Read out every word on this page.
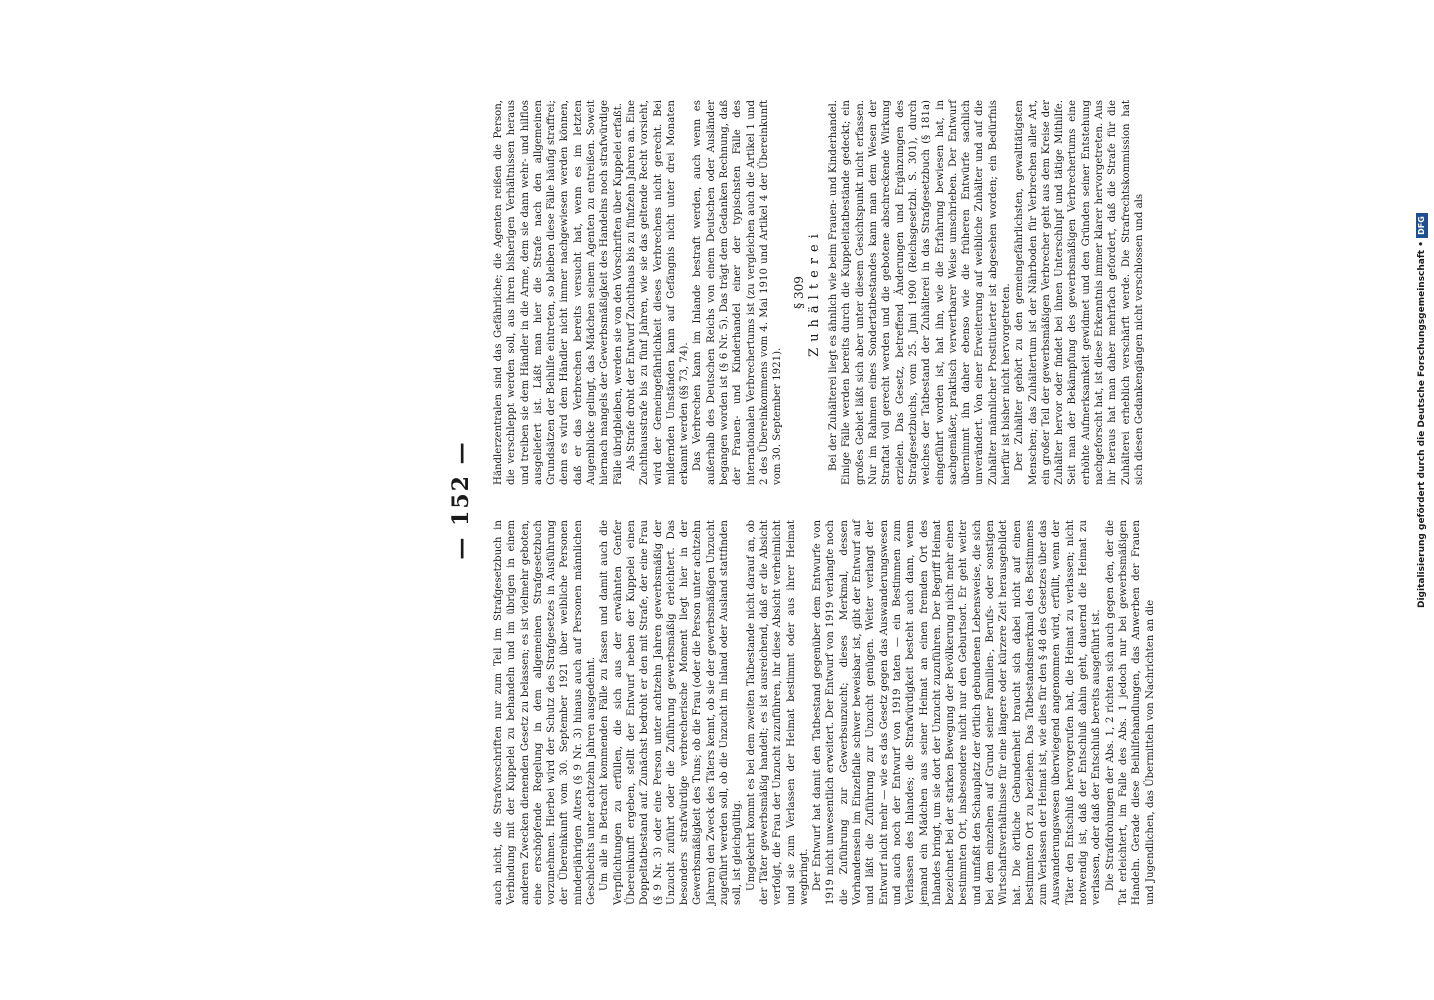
— 152 —

auch nicht, die Strafvorschriften nur zum Teil im Strafgesetzbuch in Verbindung mit der Kuppelei zu behandeln und im übrigen in einem anderen Zwecken dienenden Gesetz zu belassen; es ist vielmehr geboten, eine erschöpfende Regelung in dem allgemeinen Strafgesetzbuch vorzunehmen. Hierbei wird der Schutz des Strafgesetzes in Ausführung der Übereinkunft vom 30. September 1921 über weibliche Personen minderjährigen Alters (§ 9 Nr. 3) hinaus auch auf Personen männlichen Geschlechts unter achtzehn Jahren ausgedehnt. Um alle in Betracht kommenden Fälle zu fassen und damit auch die Verpflichtungen zu erfüllen, die sich aus der erwähnten Genfer Übereinkunft ergeben, stellt der Entwurf neben der Kuppelei einen Doppeltatbestand auf. Zunächst bedroht er den mit Strafe, der eine Frau (§ 9 Nr. 3) oder eine Person unter achtzehn Jahren gewerbsmäßig der Unzucht zuführt oder die Zuführung gewerbsmäßig erleichtert. Das besonders strafwürdige verbrecherische Moment liegt hier in der Gewerbsmäßigkeit des Tuns; ob die Frau (oder die Person unter achtzehn Jahren) den Zweck des Täters kennt, ob sie der gewerbsmäßigen Unzucht zugeführt werden soll, ob die Unzucht im Inland oder Ausland stattfinden soll, ist gleichgültig. Umgekehrt kommt es bei dem zweiten Tatbestande nicht darauf an, ob der Täter gewerbsmäßig handelt; es ist ausreichend, daß er die Absicht verfolgt, die Frau der Unzucht zuzuführen, ihr diese Absicht verheimlicht und sie zum Verlassen der Heimat bestimmt oder aus ihrer Heimat wegbringt. Der Entwurf hat damit den Tatbestand gegenüber dem Entwurfe von 1919 nicht unwesentlich erweitert. Der Entwurf von 1919 verlangte noch die Zuführung zur Gewerbsunzucht; dieses Merkmal, dessen Vorhandensein im Einzelfalle schwer beweisbar ist, gibt der Entwurf auf und läßt die Zuführung zur Unzucht genügen. Weiter verlangt der Entwurf nicht mehr — wie es das Gesetz gegen das Auswanderungswesen und auch noch der Entwurf von 1919 taten — ein Bestimmen zum Verlassen des Inlandes; die Strafwürdigkeit besteht auch dann, wenn jemand ein Mädchen aus seiner Heimat an einen fremden Ort des Inlandes bringt, um sie dort der Unzucht zuzuführen. Der Begriff Heimat bezeichnet bei der starken Bewegung der Bevölkerung nicht mehr einen bestimmten Ort, insbesondere nicht nur den Geburtsort. Er geht weiter und umfaßt den Schauplatz der örtlich gebundenen Lebensweise, die sich bei dem einzelnen auf Grund seiner Familien-, Berufs- oder sonstigen Wirtschaftsverhältnisse für eine längere oder kürzere Zeit herausgebildet hat. Die örtliche Gebundenheit braucht sich dabei nicht auf einen bestimmten Ort zu beziehen. Das Tatbestandsmerkmal des Bestimmens zum Verlassen der Heimat ist, wie dies für den § 48 des Gesetzes über das Auswanderungswesen überwiegend angenommen wird, erfüllt, wenn der Täter den Entschluß hervorgerufen hat, die Heimat zu verlassen; nicht notwendig ist, daß der Entschluß dahin geht, dauernd die Heimat zu verlassen, oder daß der Entschluß bereits ausgeführt ist. Die Strafdrohungen der Abs. 1, 2 richten sich auch gegen den, der die Tat erleichtert, im Falle des Abs. 1 jedoch nur bei gewerbsmäßigen Handeln. Gerade diese Beihilfehandlungen, das Anwerben der Frauen und Jugendlichen, das Übermitteln von Nachrichten an die

Händlerzentralen sind das Gefährliche; die Agenten reißen die Person, die verschleppt werden soll, aus ihren bisherigen Verhältnissen heraus und treiben sie dem Händler in die Arme, dem sie dann wehr- und hilflos ausgeliefert ist. Läßt man hier die Strafe nach den allgemeinen Grundsätzen der Beihilfe eintreten, so bleiben diese Fälle häufig straffrei; denn es wird dem Händler nicht immer nachgewiesen werden können, daß er das Verbrechen bereits versucht hat, wenn es im letzten Augenblicke gelingt, das Mädchen seinem Agenten zu entreißen. Soweit hiernach mangels der Gewerbsmäßigkeit des Handelns noch strafwürdige Fälle übrigbleiben, werden sie von den Vorschriften über Kuppelei erfaßt. Als Strafe droht der Entwurf Zuchthaus bis zu fünfzehn Jahren an. Eine Zuchthausstrafe bis zu fünf Jahren, wie sie das geltende Recht vorsieht, wird der Gemeingefährlichkeit dieses Verbrechens nicht gerecht. Bei mildernden Umständen kann auf Gefängnis nicht unter drei Monaten erkannt werden (§§ 73, 74). Das Verbrechen kann im Inlande bestraft werden, auch wenn es außerhalb des Deutschen Reichs von einem Deutschen oder Ausländer begangen worden ist (§ 6 Nr. 5). Das trägt dem Gedanken Rechnung, daß der Frauen- und Kinderhandel einer der typischsten Fälle des internationalen Verbrechertums ist (zu vergleichen auch die Artikel 1 und 2 des Übereinkommens vom 4. Mai 1910 und Artikel 4 der Übereinkunft vom 30. September 1921).

§ 309 Zuhälterei Bei der Zuhälterei liegt es ähnlich wie beim Frauen- und Kinderhandel. Einige Fälle werden bereits durch die Kuppeleitatbestände gedeckt; ein großes Gebiet läßt sich aber unter diesem Gesichtspunkt nicht erfassen. Nur im Rahmen eines Sondertatbestandes kann man dem Wesen der Straftat voll gerecht werden und die gebotene abschreckende Wirkung erzielen. Das Gesetz, betreffend Änderungen und Ergänzungen des Strafgesetzbuchs, vom 25. Juni 1900 (Reichsgesetzbl. S. 301), durch welches der Tatbestand der Zuhälterei in das Strafgesetzbuch (§ 181a) eingeführt worden ist, hat ihn, wie die Erfahrung bewiesen hat, in sachgemäßer, praktisch verwertbarer Weise umschrieben. Der Entwurf übernimmt ihn daher ebenso wie die früheren Entwürfe sachlich unverändert. Von einer Erweiterung auf weibliche Zuhälter und auf die Zuhälter männlicher Prostituierter ist abgesehen worden; ein Bedürfnis hierfür ist bisher nicht hervorgetreten. Der Zuhälter gehört zu den gemeingefährlichsten, gewalttätigsten Menschen; das Zuhältertum ist der Nährboden für Verbrechen aller Art, ein großer Teil der gewerbsmäßigen Verbrecher geht aus dem Kreise der Zuhälter hervor oder findet bei ihnen Unterschlupf und tätige Mithilfe. Seit man der Bekämpfung des gewerbsmäßigen Verbrechertums eine erhöhte Aufmerksamkeit gewidmet und den Gründen seiner Entstehung nachgeforscht hat, ist diese Erkenntnis immer klarer hervorgetreten. Aus ihr heraus hat man daher mehrfach gefordert, daß die Strafe für die Zuhälterei erheblich verschärft werde. Die Strafrechtskommission hat sich diesen Gedankengängen nicht verschlossen und als	Digitalisierung gefördert durch die Deutsche Forschungsgemeinschaft • DFG
